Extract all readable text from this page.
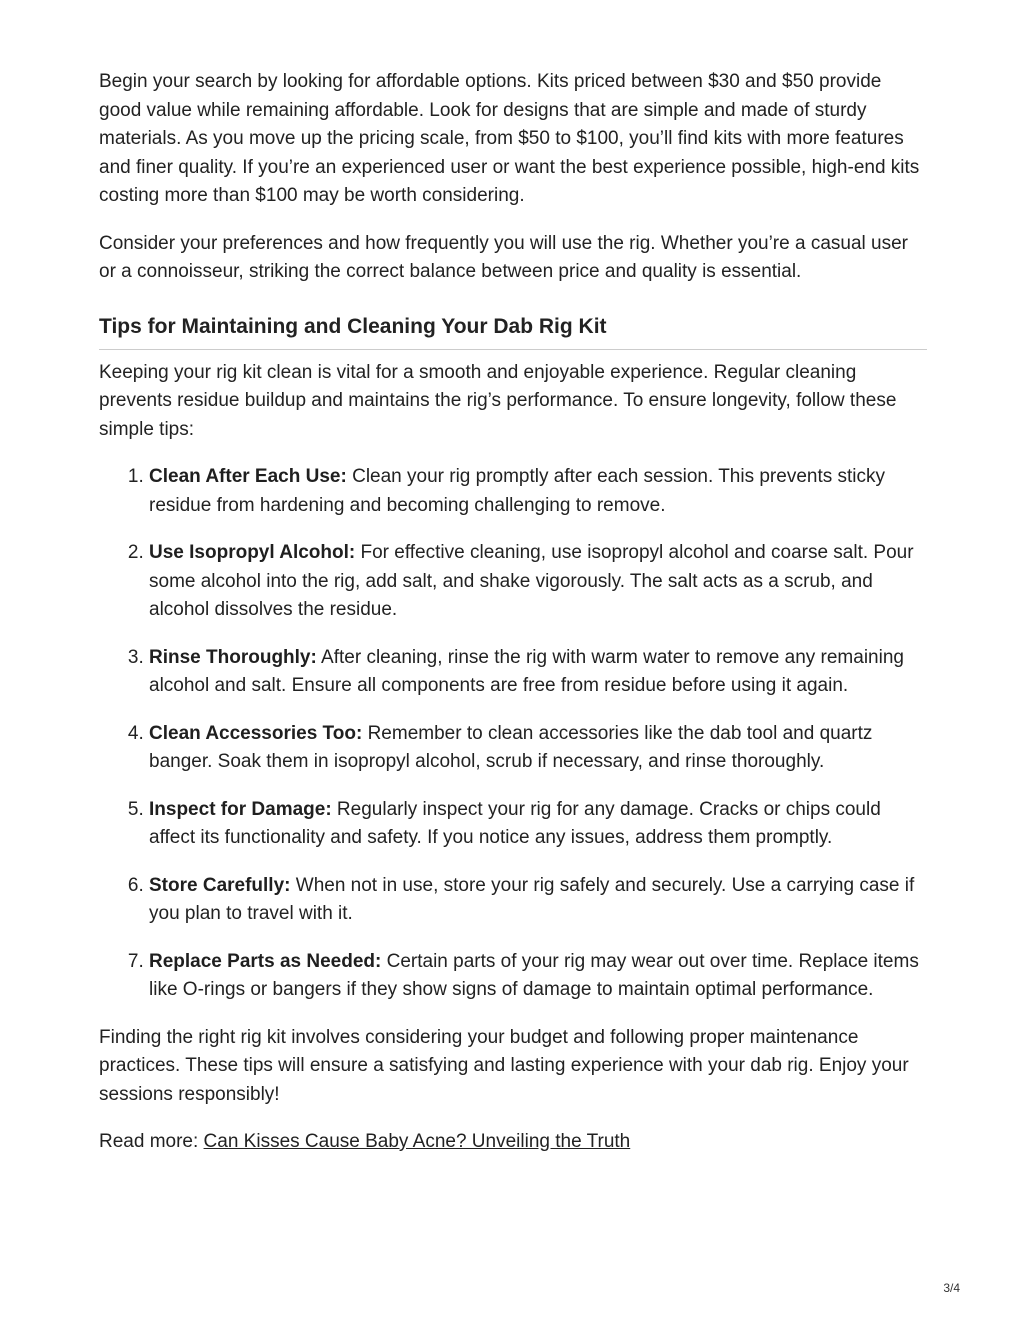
Begin your search by looking for affordable options. Kits priced between $30 and $50 provide good value while remaining affordable. Look for designs that are simple and made of sturdy materials. As you move up the pricing scale, from $50 to $100, you’ll find kits with more features and finer quality. If you’re an experienced user or want the best experience possible, high-end kits costing more than $100 may be worth considering.

Consider your preferences and how frequently you will use the rig. Whether you’re a casual user or a connoisseur, striking the correct balance between price and quality is essential.

Tips for Maintaining and Cleaning Your Dab Rig Kit

Keeping your rig kit clean is vital for a smooth and enjoyable experience. Regular cleaning prevents residue buildup and maintains the rig’s performance. To ensure longevity, follow these simple tips:

1. Clean After Each Use: Clean your rig promptly after each session. This prevents sticky residue from hardening and becoming challenging to remove.
2. Use Isopropyl Alcohol: For effective cleaning, use isopropyl alcohol and coarse salt. Pour some alcohol into the rig, add salt, and shake vigorously. The salt acts as a scrub, and alcohol dissolves the residue.
3. Rinse Thoroughly: After cleaning, rinse the rig with warm water to remove any remaining alcohol and salt. Ensure all components are free from residue before using it again.
4. Clean Accessories Too: Remember to clean accessories like the dab tool and quartz banger. Soak them in isopropyl alcohol, scrub if necessary, and rinse thoroughly.
5. Inspect for Damage: Regularly inspect your rig for any damage. Cracks or chips could affect its functionality and safety. If you notice any issues, address them promptly.
6. Store Carefully: When not in use, store your rig safely and securely. Use a carrying case if you plan to travel with it.
7. Replace Parts as Needed: Certain parts of your rig may wear out over time. Replace items like O-rings or bangers if they show signs of damage to maintain optimal performance.

Finding the right rig kit involves considering your budget and following proper maintenance practices. These tips will ensure a satisfying and lasting experience with your dab rig. Enjoy your sessions responsibly!

Read more: Can Kisses Cause Baby Acne? Unveiling the Truth

3/4
